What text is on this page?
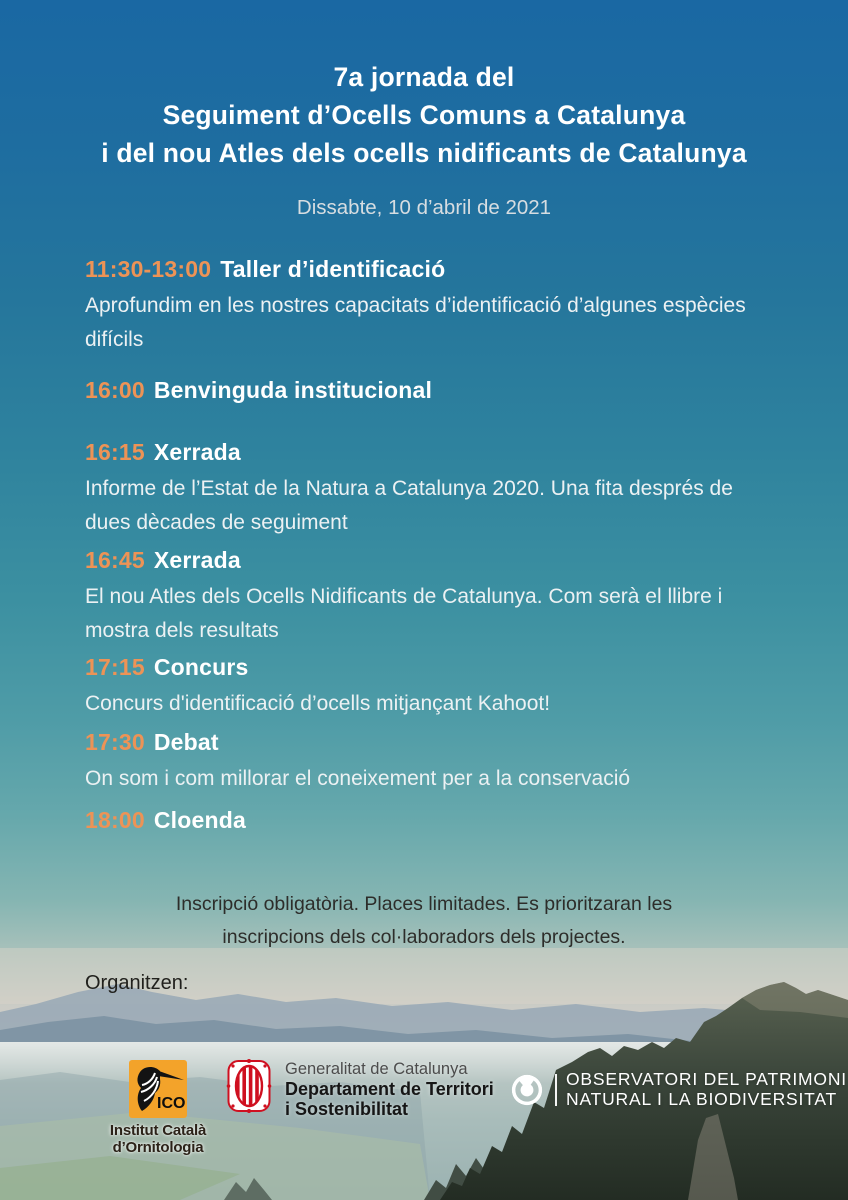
7a jornada del
Seguiment d’Ocells Comuns a Catalunya
i del nou Atles dels ocells nidificants de Catalunya
Dissabte, 10 d’abril de 2021
11:30-13:00 Taller d’identificació

Aprofundim en les nostres capacitats d’identificació d’algunes espècies difícils

16:00 Benvinguda institucional
16:15 Xerrada

Informe de l’Estat de la Natura a Catalunya 2020. Una fita després de dues dècades de seguiment

16:45 Xerrada

El nou Atles dels Ocells Nidificants de Catalunya. Com serà el llibre i mostra dels resultats

17:15 Concurs

Concurs d'identificació d’ocells mitjançant Kahoot!

17:30 Debat

On som i com millorar el coneixement per a la conservació

18:00 Cloenda
Inscripció obligatòria. Places limitades. Es prioritzaran les
inscripcions dels col·laboradors dels projectes.
Organitzen:
ICO
Institut Català d’Ornitologia
Generalitat de Catalunya
Departament de Territori
i Sostenibilitat
OBSERVATORI DEL PATRIMONI
NATURAL I LA BIODIVERSITAT
